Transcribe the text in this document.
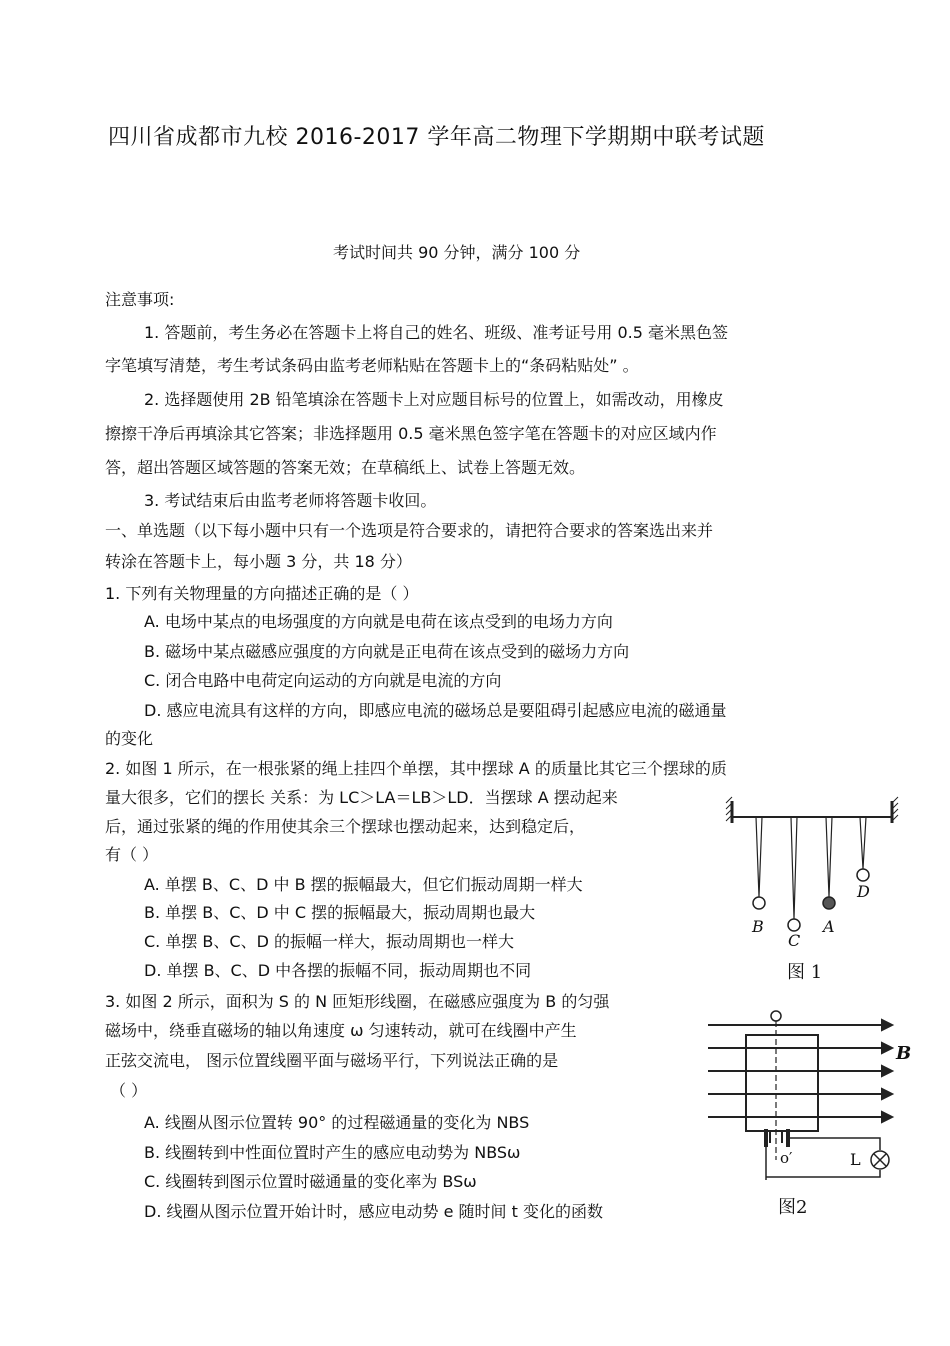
四川省成都市九校 2016-2017 学年高二物理下学期期中联考试题
考试时间共 90 分钟，满分 100 分
注意事项:
1. 答题前，考生务必在答题卡上将自己的姓名、班级、准考证号用 0.5 毫米黑色签
字笔填写清楚，考生考试条码由监考老师粘贴在答题卡上的“条码粘贴处” 。
2. 选择题使用 2B 铅笔填涂在答题卡上对应题目标号的位置上，如需改动，用橡皮
擦擦干净后再填涂其它答案；非选择题用 0.5 毫米黑色签字笔在答题卡的对应区域内作
答，超出答题区域答题的答案无效；在草稿纸上、试卷上答题无效。
3. 考试结束后由监考老师将答题卡收回。
一、单选题（以下每小题中只有一个选项是符合要求的，请把符合要求的答案选出来并
转涂在答题卡上，每小题 3 分，共 18 分）
1. 下列有关物理量的方向描述正确的是（ ）
A. 电场中某点的电场强度的方向就是电荷在该点受到的电场力方向
B. 磁场中某点磁感应强度的方向就是正电荷在该点受到的磁场力方向
C. 闭合电路中电荷定向运动的方向就是电流的方向
D. 感应电流具有这样的方向，即感应电流的磁场总是要阻碍引起感应电流的磁通量
的变化
2. 如图 1 所示，在一根张紧的绳上挂四个单摆，其中摆球 A 的质量比其它三个摆球的质
量大很多，它们的摆长 关系：为 LC＞LA＝LB＞LD．当摆球 A 摆动起来
后，通过张紧的绳的作用使其余三个摆球也摆动起来，达到稳定后，
有（ ）
A. 单摆 B、C、D 中 B 摆的振幅最大，但它们振动周期一样大
B. 单摆 B、C、D 中 C 摆的振幅最大，振动周期也最大
C. 单摆 B、C、D 的振幅一样大，振动周期也一样大
D. 单摆 B、C、D 中各摆的振幅不同，振动周期也不同
3. 如图 2 所示，面积为 S 的 N 匝矩形线圈，在磁感应强度为 B 的匀强
磁场中，绕垂直磁场的轴以角速度 ω 匀速转动，就可在线圈中产生
正弦交流电， 图示位置线圈平面与磁场平行，下列说法正确的是
（ ）
A. 线圈从图示位置转 90° 的过程磁通量的变化为 NBS
B. 线圈转到中性面位置时产生的感应电动势为 NBSω
C. 线圈转到图示位置时磁通量的变化率为 BSω
D. 线圈从图示位置开始计时，感应电动势 e 随时间 t 变化的函数
B
C
A
D
图 1
B
o′	L
图2
